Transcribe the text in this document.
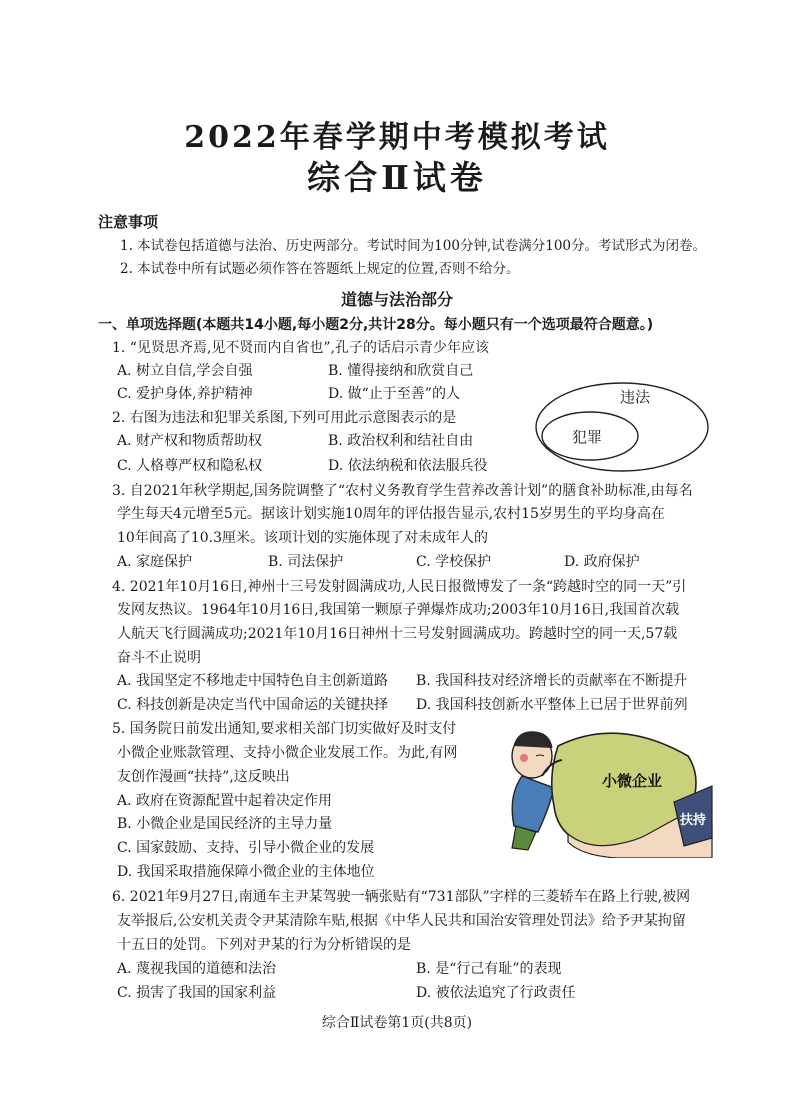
2022年春学期中考模拟考试
综合Ⅱ试卷
注意事项
1. 本试卷包括道德与法治、历史两部分。考试时间为100分钟,试卷满分100分。考试形式为闭卷。
2. 本试卷中所有试题必须作答在答题纸上规定的位置,否则不给分。
道德与法治部分
一、单项选择题(本题共14小题,每小题2分,共计28分。每小题只有一个选项最符合题意。)
1. “见贤思齐焉,见不贤而内自省也”,孔子的话启示青少年应该
A. 树立自信,学会自强	B. 懂得接纳和欣赏自己
C. 爱护身体,养护精神	D. 做“止于至善”的人
2. 右图为违法和犯罪关系图,下列可用此示意图表示的是
A. 财产权和物质帮助权	B. 政治权利和结社自由
C. 人格尊严权和隐私权	D. 依法纳税和依法服兵役
违法
犯罪
3. 自2021年秋学期起,国务院调整了“农村义务教育学生营养改善计划”的膳食补助标准,由每名
学生每天4元增至5元。据该计划实施10周年的评估报告显示,农村15岁男生的平均身高在
10年间高了10.3厘米。该项计划的实施体现了对未成年人的
A. 家庭保护	B. 司法保护	C. 学校保护	D. 政府保护
4. 2021年10月16日,神州十三号发射圆满成功,人民日报微博发了一条“跨越时空的同一天”引
发网友热议。1964年10月16日,我国第一颗原子弹爆炸成功;2003年10月16日,我国首次载
人航天飞行圆满成功;2021年10月16日神州十三号发射圆满成功。跨越时空的同一天,57载
奋斗不止说明
A. 我国坚定不移地走中国特色自主创新道路 B. 我国科技对经济增长的贡献率在不断提升
C. 科技创新是决定当代中国命运的关键抉择 D. 我国科技创新水平整体上已居于世界前列
5. 国务院日前发出通知,要求相关部门切实做好及时支付
小微企业账款管理、支持小微企业发展工作。为此,有网
友创作漫画“扶持”,这反映出
A. 政府在资源配置中起着决定作用
B. 小微企业是国民经济的主导力量
C. 国家鼓励、支持、引导小微企业的发展
D. 我国采取措施保障小微企业的主体地位
小微企业
扶持
6. 2021年9月27日,南通车主尹某驾驶一辆张贴有“731部队”字样的三菱轿车在路上行驶,被网
友举报后,公安机关责令尹某清除车贴,根据《中华人民共和国治安管理处罚法》给予尹某拘留
十五日的处罚。下列对尹某的行为分析错误的是
A. 蔑视我国的道德和法治	B. 是“行己有耻”的表现
C. 损害了我国的国家利益	D. 被依法追究了行政责任
综合Ⅱ试卷第1页(共8页)
